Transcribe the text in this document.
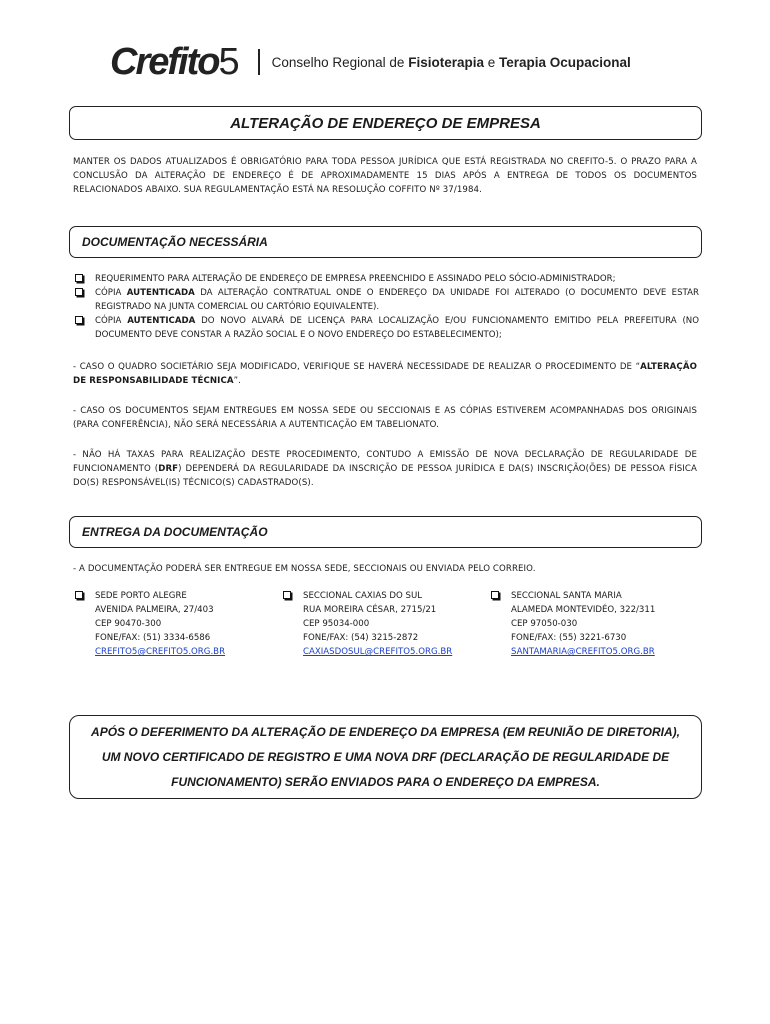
Crefito5 Conselho Regional de Fisioterapia e Terapia Ocupacional
ALTERAÇÃO DE ENDEREÇO DE EMPRESA
MANTER OS DADOS ATUALIZADOS É OBRIGATÓRIO PARA TODA PESSOA JURÍDICA QUE ESTÁ REGISTRADA NO CREFITO-5. O PRAZO PARA A CONCLUSÃO DA ALTERAÇÃO DE ENDEREÇO É DE APROXIMADAMENTE 15 DIAS APÓS A ENTREGA DE TODOS OS DOCUMENTOS RELACIONADOS ABAIXO. SUA REGULAMENTAÇÃO ESTÁ NA RESOLUÇÃO COFFITO Nº 37/1984.
DOCUMENTAÇÃO NECESSÁRIA
REQUERIMENTO PARA ALTERAÇÃO DE ENDEREÇO DE EMPRESA PREENCHIDO E ASSINADO PELO SÓCIO-ADMINISTRADOR;
CÓPIA AUTENTICADA DA ALTERAÇÃO CONTRATUAL ONDE O ENDEREÇO DA UNIDADE FOI ALTERADO (O DOCUMENTO DEVE ESTAR REGISTRADO NA JUNTA COMERCIAL OU CARTÓRIO EQUIVALENTE).
CÓPIA AUTENTICADA DO NOVO ALVARÁ DE LICENÇA PARA LOCALIZAÇÃO E/OU FUNCIONAMENTO EMITIDO PELA PREFEITURA (NO DOCUMENTO DEVE CONSTAR A RAZÃO SOCIAL E O NOVO ENDEREÇO DO ESTABELECIMENTO);
- CASO O QUADRO SOCIETÁRIO SEJA MODIFICADO, VERIFIQUE SE HAVERÁ NECESSIDADE DE REALIZAR O PROCEDIMENTO DE “ALTERAÇÃO DE RESPONSABILIDADE TÉCNICA”.
- CASO OS DOCUMENTOS SEJAM ENTREGUES EM NOSSA SEDE OU SECCIONAIS E AS CÓPIAS ESTIVEREM ACOMPANHADAS DOS ORIGINAIS (PARA CONFERÊNCIA), NÃO SERÁ NECESSÁRIA A AUTENTICAÇÃO EM TABELIONATO.
- NÃO HÁ TAXAS PARA REALIZAÇÃO DESTE PROCEDIMENTO, CONTUDO A EMISSÃO DE NOVA DECLARAÇÃO DE REGULARIDADE DE FUNCIONAMENTO (DRF) DEPENDERÁ DA REGULARIDADE DA INSCRIÇÃO DE PESSOA JURÍDICA E DA(S) INSCRIÇÃO(ÕES) DE PESSOA FÍSICA DO(S) RESPONSÁVEL(IS) TÉCNICO(S) CADASTRADO(S).
ENTREGA DA DOCUMENTAÇÃO
- A DOCUMENTAÇÃO PODERÁ SER ENTREGUE EM NOSSA SEDE, SECCIONAIS OU ENVIADA PELO CORREIO.
SEDE PORTO ALEGRE
AVENIDA PALMEIRA, 27/403
CEP 90470-300
FONE/FAX: (51) 3334-6586
CREFITO5@CREFITO5.ORG.BR
SECCIONAL CAXIAS DO SUL
RUA MOREIRA CÉSAR, 2715/21
CEP 95034-000
FONE/FAX: (54) 3215-2872
CAXIASDOSUL@CREFITO5.ORG.BR
SECCIONAL SANTA MARIA
ALAMEDA MONTEVIDÉO, 322/311
CEP 97050-030
FONE/FAX: (55) 3221-6730
SANTAMARIA@CREFITO5.ORG.BR
APÓS O DEFERIMENTO DA ALTERAÇÃO DE ENDEREÇO DA EMPRESA (EM REUNIÃO DE DIRETORIA),
UM NOVO CERTIFICADO DE REGISTRO E UMA NOVA DRF (DECLARAÇÃO DE REGULARIDADE DE
FUNCIONAMENTO) SERÃO ENVIADOS PARA O ENDEREÇO DA EMPRESA.
